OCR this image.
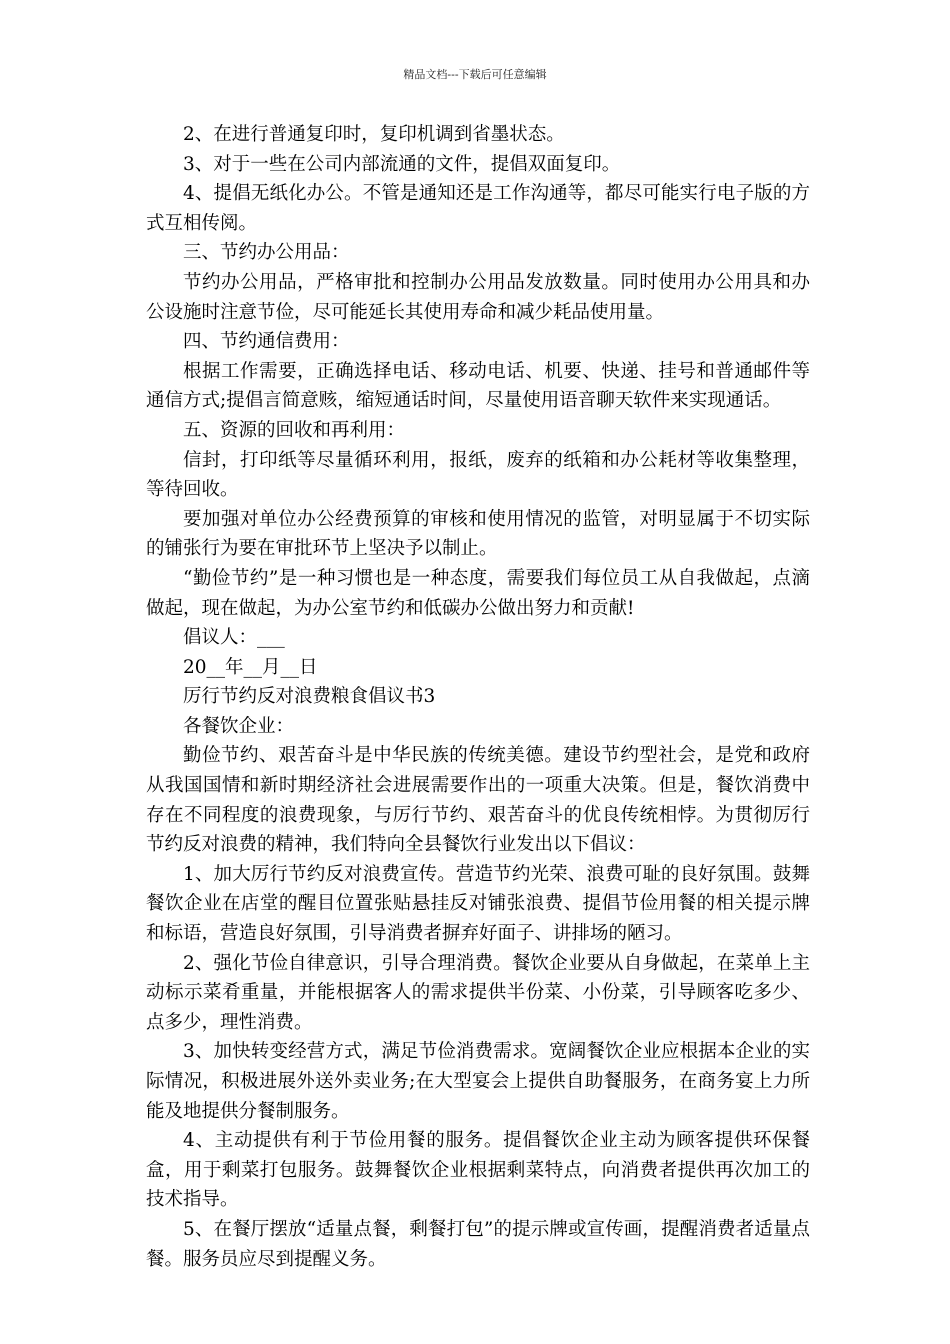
精品文档---下载后可任意编辑

2、在进行普通复印时，复印机调到省墨状态。

3、对于一些在公司内部流通的文件，提倡双面复印。

4、提倡无纸化办公。不管是通知还是工作沟通等，都尽可能实行电子版的方式互相传阅。

三、节约办公用品：

节约办公用品，严格审批和控制办公用品发放数量。同时使用办公用具和办公设施时注意节俭，尽可能延长其使用寿命和减少耗品使用量。

四、节约通信费用：

根据工作需要，正确选择电话、移动电话、机要、快递、挂号和普通邮件等通信方式;提倡言简意赅，缩短通话时间，尽量使用语音聊天软件来实现通话。

五、资源的回收和再利用：

信封，打印纸等尽量循环利用，报纸，废弃的纸箱和办公耗材等收集整理，等待回收。

要加强对单位办公经费预算的审核和使用情况的监管，对明显属于不切实际的铺张行为要在审批环节上坚决予以制止。

“勤俭节约”是一种习惯也是一种态度，需要我们每位员工从自我做起，点滴做起，现在做起，为办公室节约和低碳办公做出努力和贡献!

倡议人：___

20__年__月__日

厉行节约反对浪费粮食倡议书3

各餐饮企业：

勤俭节约、艰苦奋斗是中华民族的传统美德。建设节约型社会，是党和政府从我国国情和新时期经济社会进展需要作出的一项重大决策。但是，餐饮消费中存在不同程度的浪费现象，与厉行节约、艰苦奋斗的优良传统相悖。为贯彻厉行节约反对浪费的精神，我们特向全县餐饮行业发出以下倡议：

1、加大厉行节约反对浪费宣传。营造节约光荣、浪费可耻的良好氛围。鼓舞餐饮企业在店堂的醒目位置张贴悬挂反对铺张浪费、提倡节俭用餐的相关提示牌和标语，营造良好氛围，引导消费者摒弃好面子、讲排场的陋习。

2、强化节俭自律意识，引导合理消费。餐饮企业要从自身做起，在菜单上主动标示菜肴重量，并能根据客人的需求提供半份菜、小份菜，引导顾客吃多少、点多少，理性消费。

3、加快转变经营方式，满足节俭消费需求。宽阔餐饮企业应根据本企业的实际情况，积极进展外送外卖业务;在大型宴会上提供自助餐服务，在商务宴上力所能及地提供分餐制服务。

4、主动提供有利于节俭用餐的服务。提倡餐饮企业主动为顾客提供环保餐盒，用于剩菜打包服务。鼓舞餐饮企业根据剩菜特点，向消费者提供再次加工的技术指导。

5、在餐厅摆放“适量点餐，剩餐打包”的提示牌或宣传画，提醒消费者适量点餐。服务员应尽到提醒义务。
